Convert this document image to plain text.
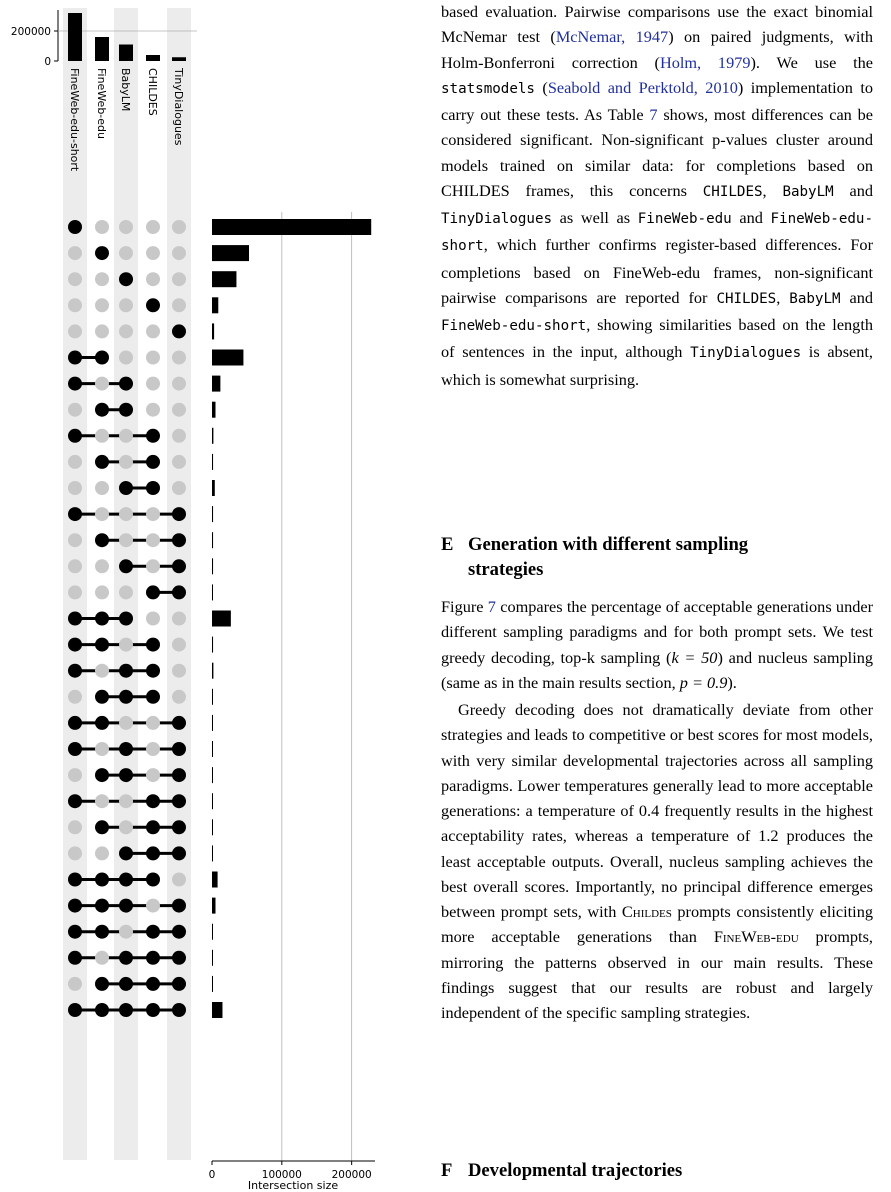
200000
0
FineWeb-edu-short FineWeb-edu BabyLM CHILDES TinyDialogues
0	100000	200000
Intersection size

based evaluation. Pairwise comparisons use the exact binomial McNemar test (McNemar, 1947) on paired judgments, with Holm-Bonferroni correction (Holm, 1979). We use the statsmodels (Seabold and Perktold, 2010) implementation to carry out these tests. As Table 7 shows, most differences can be considered significant. Non-significant p-values cluster around models trained on similar data: for completions based on CHILDES frames, this concerns CHILDES, BabyLM and TinyDialogues as well as FineWeb-edu and FineWeb-edu-short, which further confirms register-based differences. For completions based on FineWeb-edu frames, non-significant pairwise comparisons are reported for CHILDES, BabyLM and FineWeb-edu-short, showing similarities based on the length of sentences in the input, although TinyDialogues is absent, which is somewhat surprising.

E Generation with different sampling
strategies

Figure 7 compares the percentage of acceptable generations under different sampling paradigms and for both prompt sets. We test greedy decoding, top-k sampling (k = 50) and nucleus sampling (same as in the main results section, p = 0.9).

Greedy decoding does not dramatically deviate from other strategies and leads to competitive or best scores for most models, with very similar developmental trajectories across all sampling paradigms. Lower temperatures generally lead to more acceptable generations: a temperature of 0.4 frequently results in the highest acceptability rates, whereas a temperature of 1.2 produces the least acceptable outputs. Overall, nucleus sampling achieves the best overall scores. Importantly, no principal difference emerges between prompt sets, with Childes prompts consistently eliciting more acceptable generations than FineWeb-edu prompts, mirroring the patterns observed in our main results. These findings suggest that our results are robust and largely independent of the specific sampling strategies.

F Developmental trajectories
